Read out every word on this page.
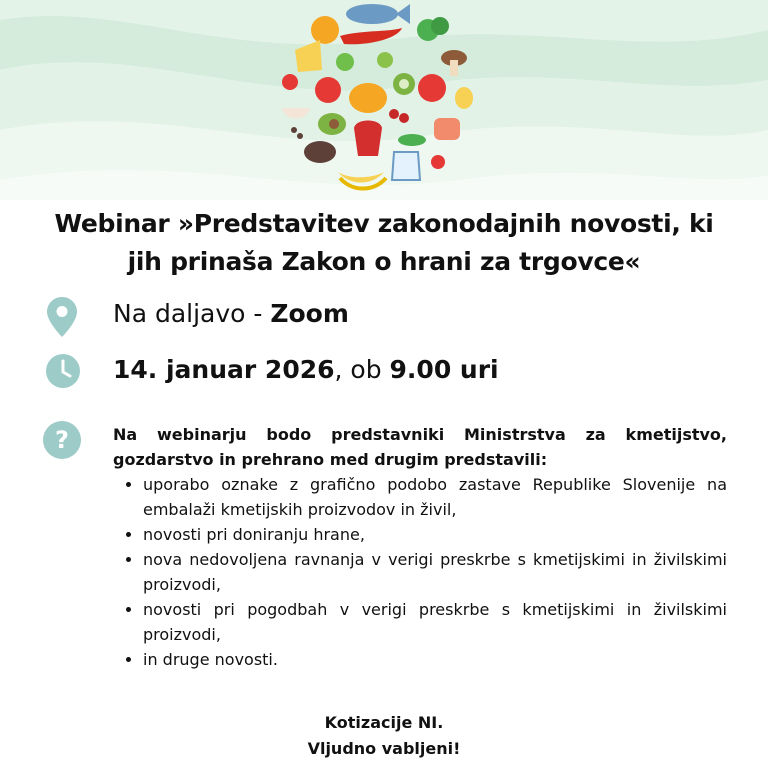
Webinar »Predstavitev zakonodajnih novosti, ki
jih prinaša Zakon o hrani za trgovce«
Na daljavo - Zoom
14. januar 2026, ob 9.00 uri
?	Na webinarju bodo predstavniki Ministrstva za kmetijstvo, gozdarstvo in prehrano med drugim predstavili:

• uporabo oznake z grafično podobo zastave Republike Slovenije na embalaži kmetijskih proizvodov in živil,
• novosti pri doniranju hrane,
• nova nedovoljena ravnanja v verigi preskrbe s kmetijskimi in živilskimi proizvodi,
• novosti pri pogodbah v verigi preskrbe s kmetijskimi in živilskimi proizvodi,
• in druge novosti.
Kotizacije NI.
Vljudno vabljeni!
